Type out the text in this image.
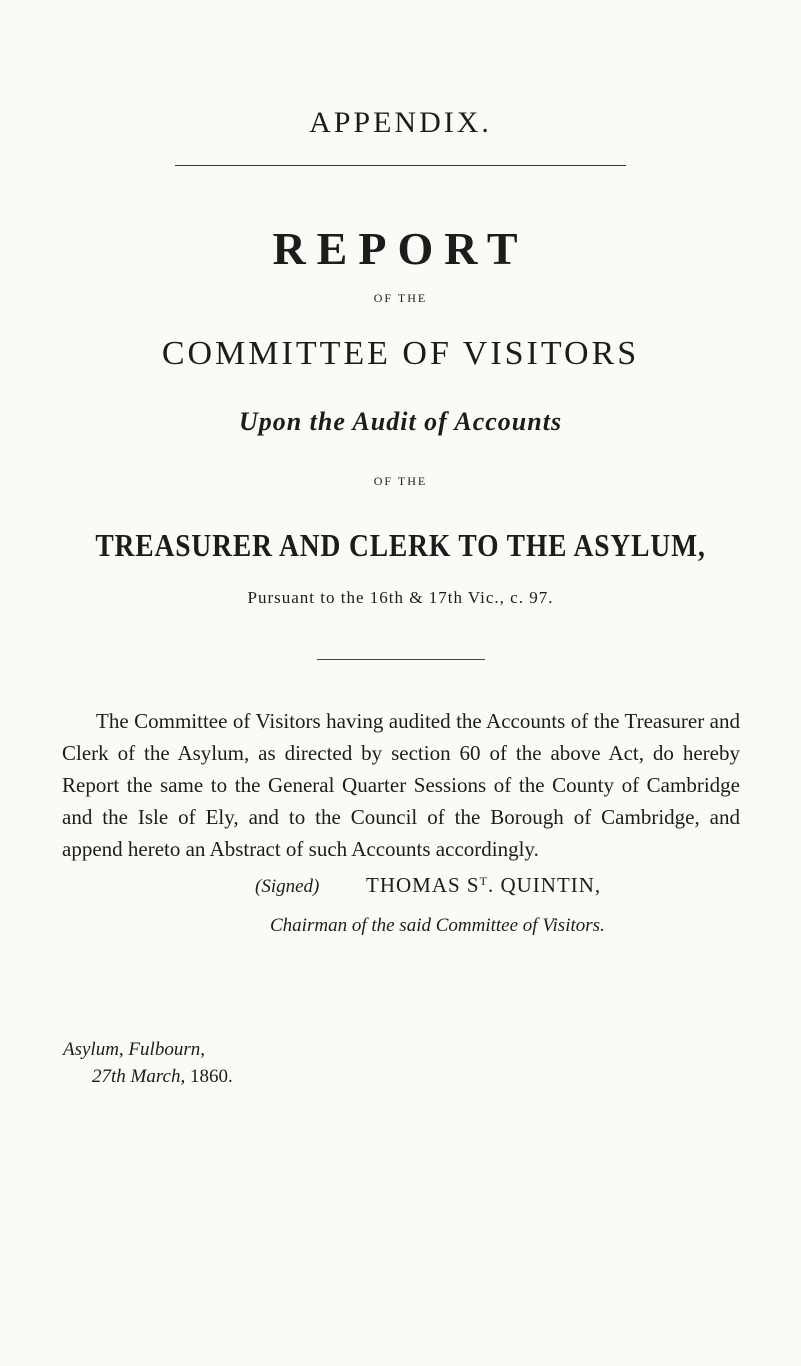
APPENDIX.
REPORT
OF THE
COMMITTEE OF VISITORS
Upon the Audit of Accounts
OF THE
TREASURER AND CLERK TO THE ASYLUM,
Pursuant to the 16th & 17th Vic., c. 97.
The Committee of Visitors having audited the Accounts of the Treasurer and Clerk of the Asylum, as directed by section 60 of the above Act, do hereby Report the same to the General Quarter Sessions of the County of Cambridge and the Isle of Ely, and to the Council of the Borough of Cambridge, and append hereto an Abstract of such Accounts accordingly.
(Signed) THOMAS $S^T$. QUINTIN,
Chairman of the said Committee of Visitors.
Asylum, Fulbourn,
27th March, 1860.
